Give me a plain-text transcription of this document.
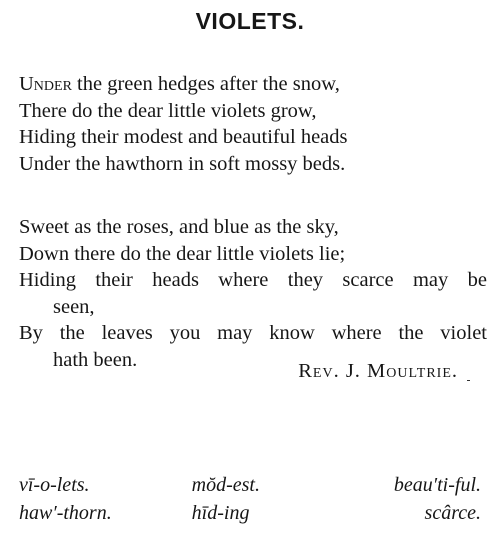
VIOLETS.
Under the green hedges after the snow,
There do the dear little violets grow,
Hiding their modest and beautiful heads
Under the hawthorn in soft mossy beds.
Sweet as the roses, and blue as the sky,
Down there do the dear little violets lie;
Hiding their heads where they scarce may be
seen,
By the leaves you may know where the violet
hath been.
Rev. J. Moultrie.
vī-o-lets.	mŏd-est.	beau′ti-ful.
haw′-thorn.	hīd-ing	scârce.
